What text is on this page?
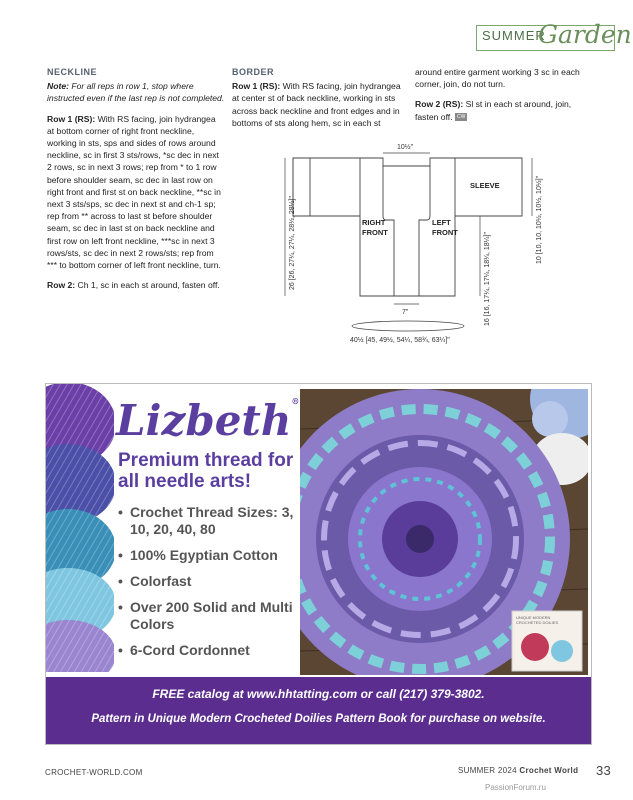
SUMMER
Garden
NECKLINE

Note: For all reps in row 1, stop where instructed even if the last rep is not completed.

Row 1 (RS): With RS facing, join hydrangea at bottom corner of right front neckline, working in sts, sps and sides of rows around neckline, sc in first 3 sts/rows, *sc dec in next 2 rows, sc in next 3 rows; rep from * to 1 row before shoulder seam, sc dec in last row on right front and first st on back neckline, **sc in next 3 sts/sps, sc dec in next st and ch-1 sp; rep from ** across to last st before shoulder seam, sc dec in last st on back neckline and first row on left front neckline, ***sc in next 3 rows/sts, sc dec in next 2 rows/sts; rep from *** to bottom corner of left front neckline, turn.

Row 2: Ch 1, sc in each st around, fasten off.

BORDER

Row 1 (RS): With RS facing, join hydrangea at center st of back neckline, working in sts across back neckline and front edges and in bottoms of sts along hem, sc in each st

around entire garment working 3 sc in each corner, join, do not turn.

Row 2 (RS): Sl st in each st around, join, fasten off. CW

10½"
26 [26, 27¼, 27¼, 28½, 28½]"
SLEEVE	10 [10, 10, 10½, 10½, 10½]"
RIGHT
FRONT
LEFT
FRONT	16 [16, 17¼, 17¼, 18¼, 18¼]"
7"
40½ [45, 49½, 54¼, 58¾, 63¼]"
Lizbeth®
Premium thread for all needle arts!
• Crochet Thread Sizes: 3, 10, 20, 40, 80
• 100% Egyptian Cotton
• Colorfast
• Over 200 Solid and Multi Colors
• 6-Cord Cordonnet
UNIQUE MODERN
CROCHETED DOILIES
FREE catalog at www.hhtatting.com or call (217) 379-3802.
Pattern in Unique Modern Crocheted Doilies Pattern Book for purchase on website.
CROCHET-WORLD.COM	SUMMER 2024 Crochet World 33
PassionForum.ru
